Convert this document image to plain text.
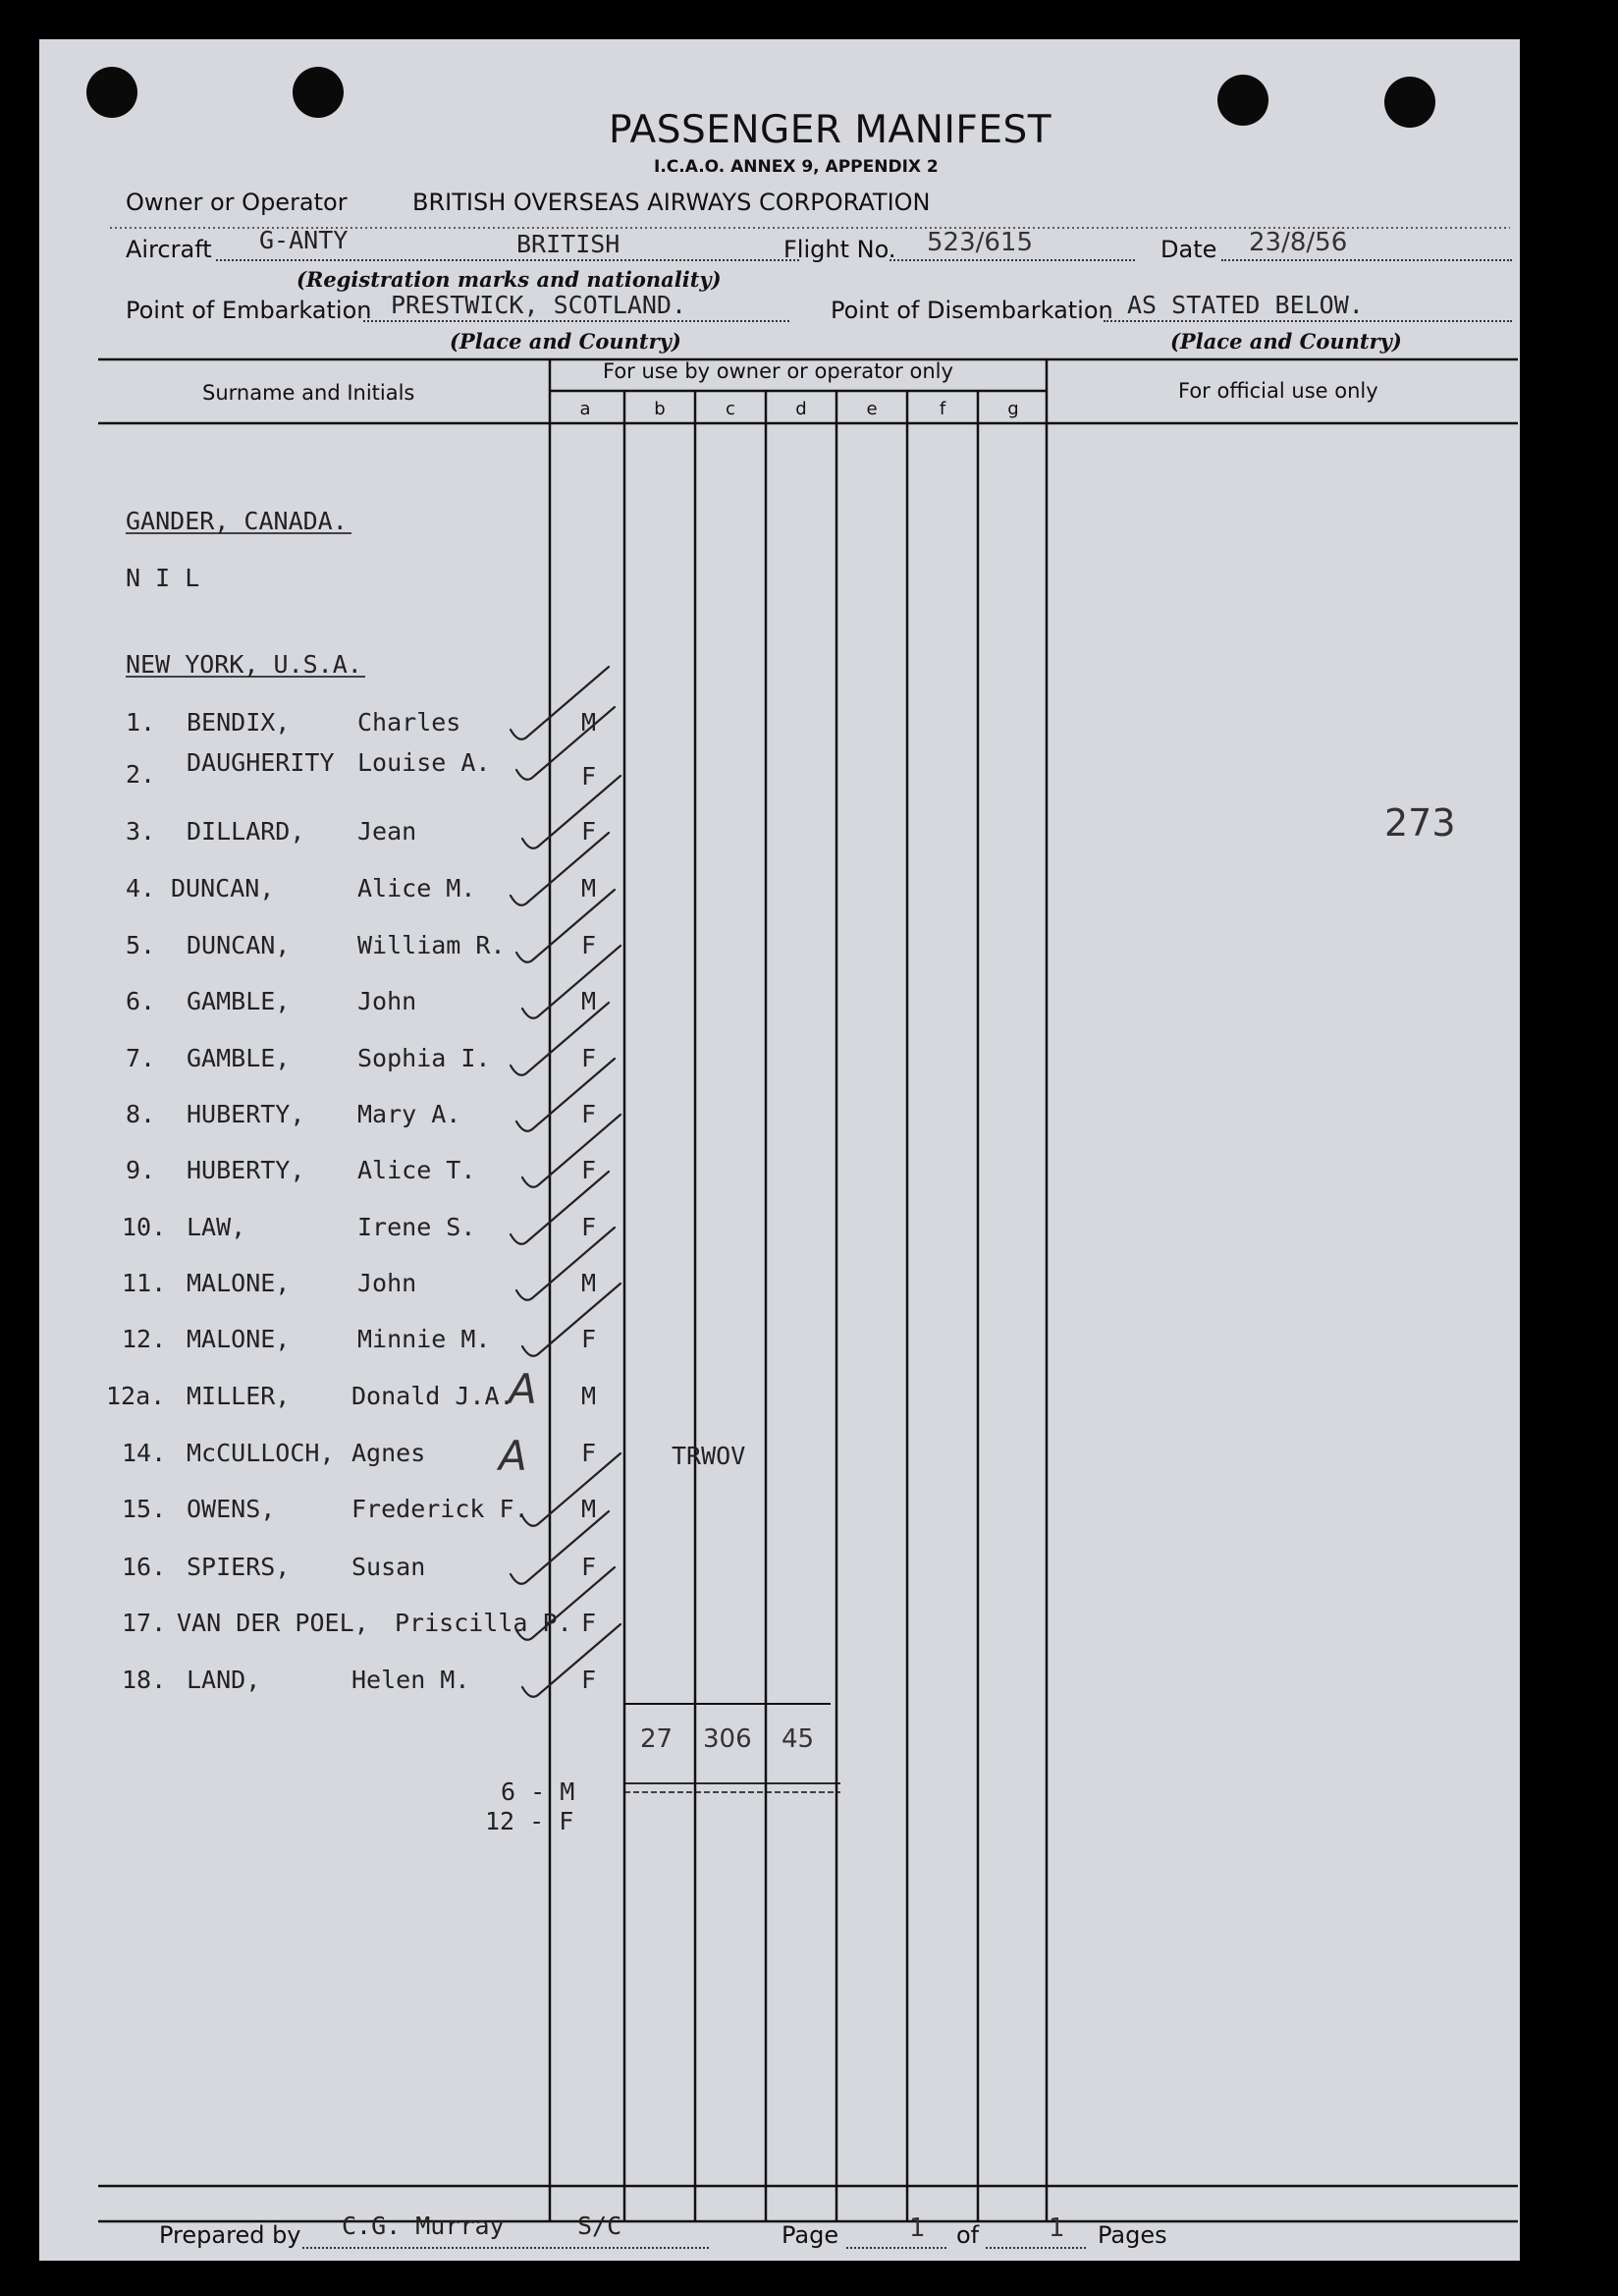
PASSENGER MANIFEST
I.C.A.O. ANNEX 9, APPENDIX 2
Owner or Operator	BRITISH OVERSEAS AIRWAYS CORPORATION
Aircraft G-ANTY	BRITISH	Flight No. 523/615	Date 23/8/56
(Registration marks and nationality)
Point of Embarkation PRESTWICK, SCOTLAND.	Point of Disembarkation AS STATED BELOW.
(Place and Country)	(Place and Country)
Surname and Initials
For use by owner or operator only
For official use only
a	b	c	d	e	f	g
GANDER, CANADA.
N I L
NEW YORK, U.S.A.
1. BENDIX,	Charles	M
2. DAUGHERITY Louise A.	F
3. DILLARD, Jean	F
4. DUNCAN,	Alice M.	M
5. DUNCAN,	William R.	F
6. GAMBLE,	John	M
7. GAMBLE,	Sophia I.	F
8. HUBERTY, Mary A.	F
9. HUBERTY, Alice T.	F
10. LAW,	Irene S.	F
11. MALONE,	John	M
12. MALONE,	Minnie M.	F
12a. MILLER,	Donald J.A.	M
14. McCULLOCH, Agnes	F
15. OWENS,	Frederick F. M
16. SPIERS,	Susan	F
17. VAN DER POEL, Priscilla P. F
18. LAND,	Helen M.	F
TRWOV
273
A
A
27 306 45
6 - M
12 - F
Prepared by C.G. Murray	S/C	Page	1 of	1 Pages
